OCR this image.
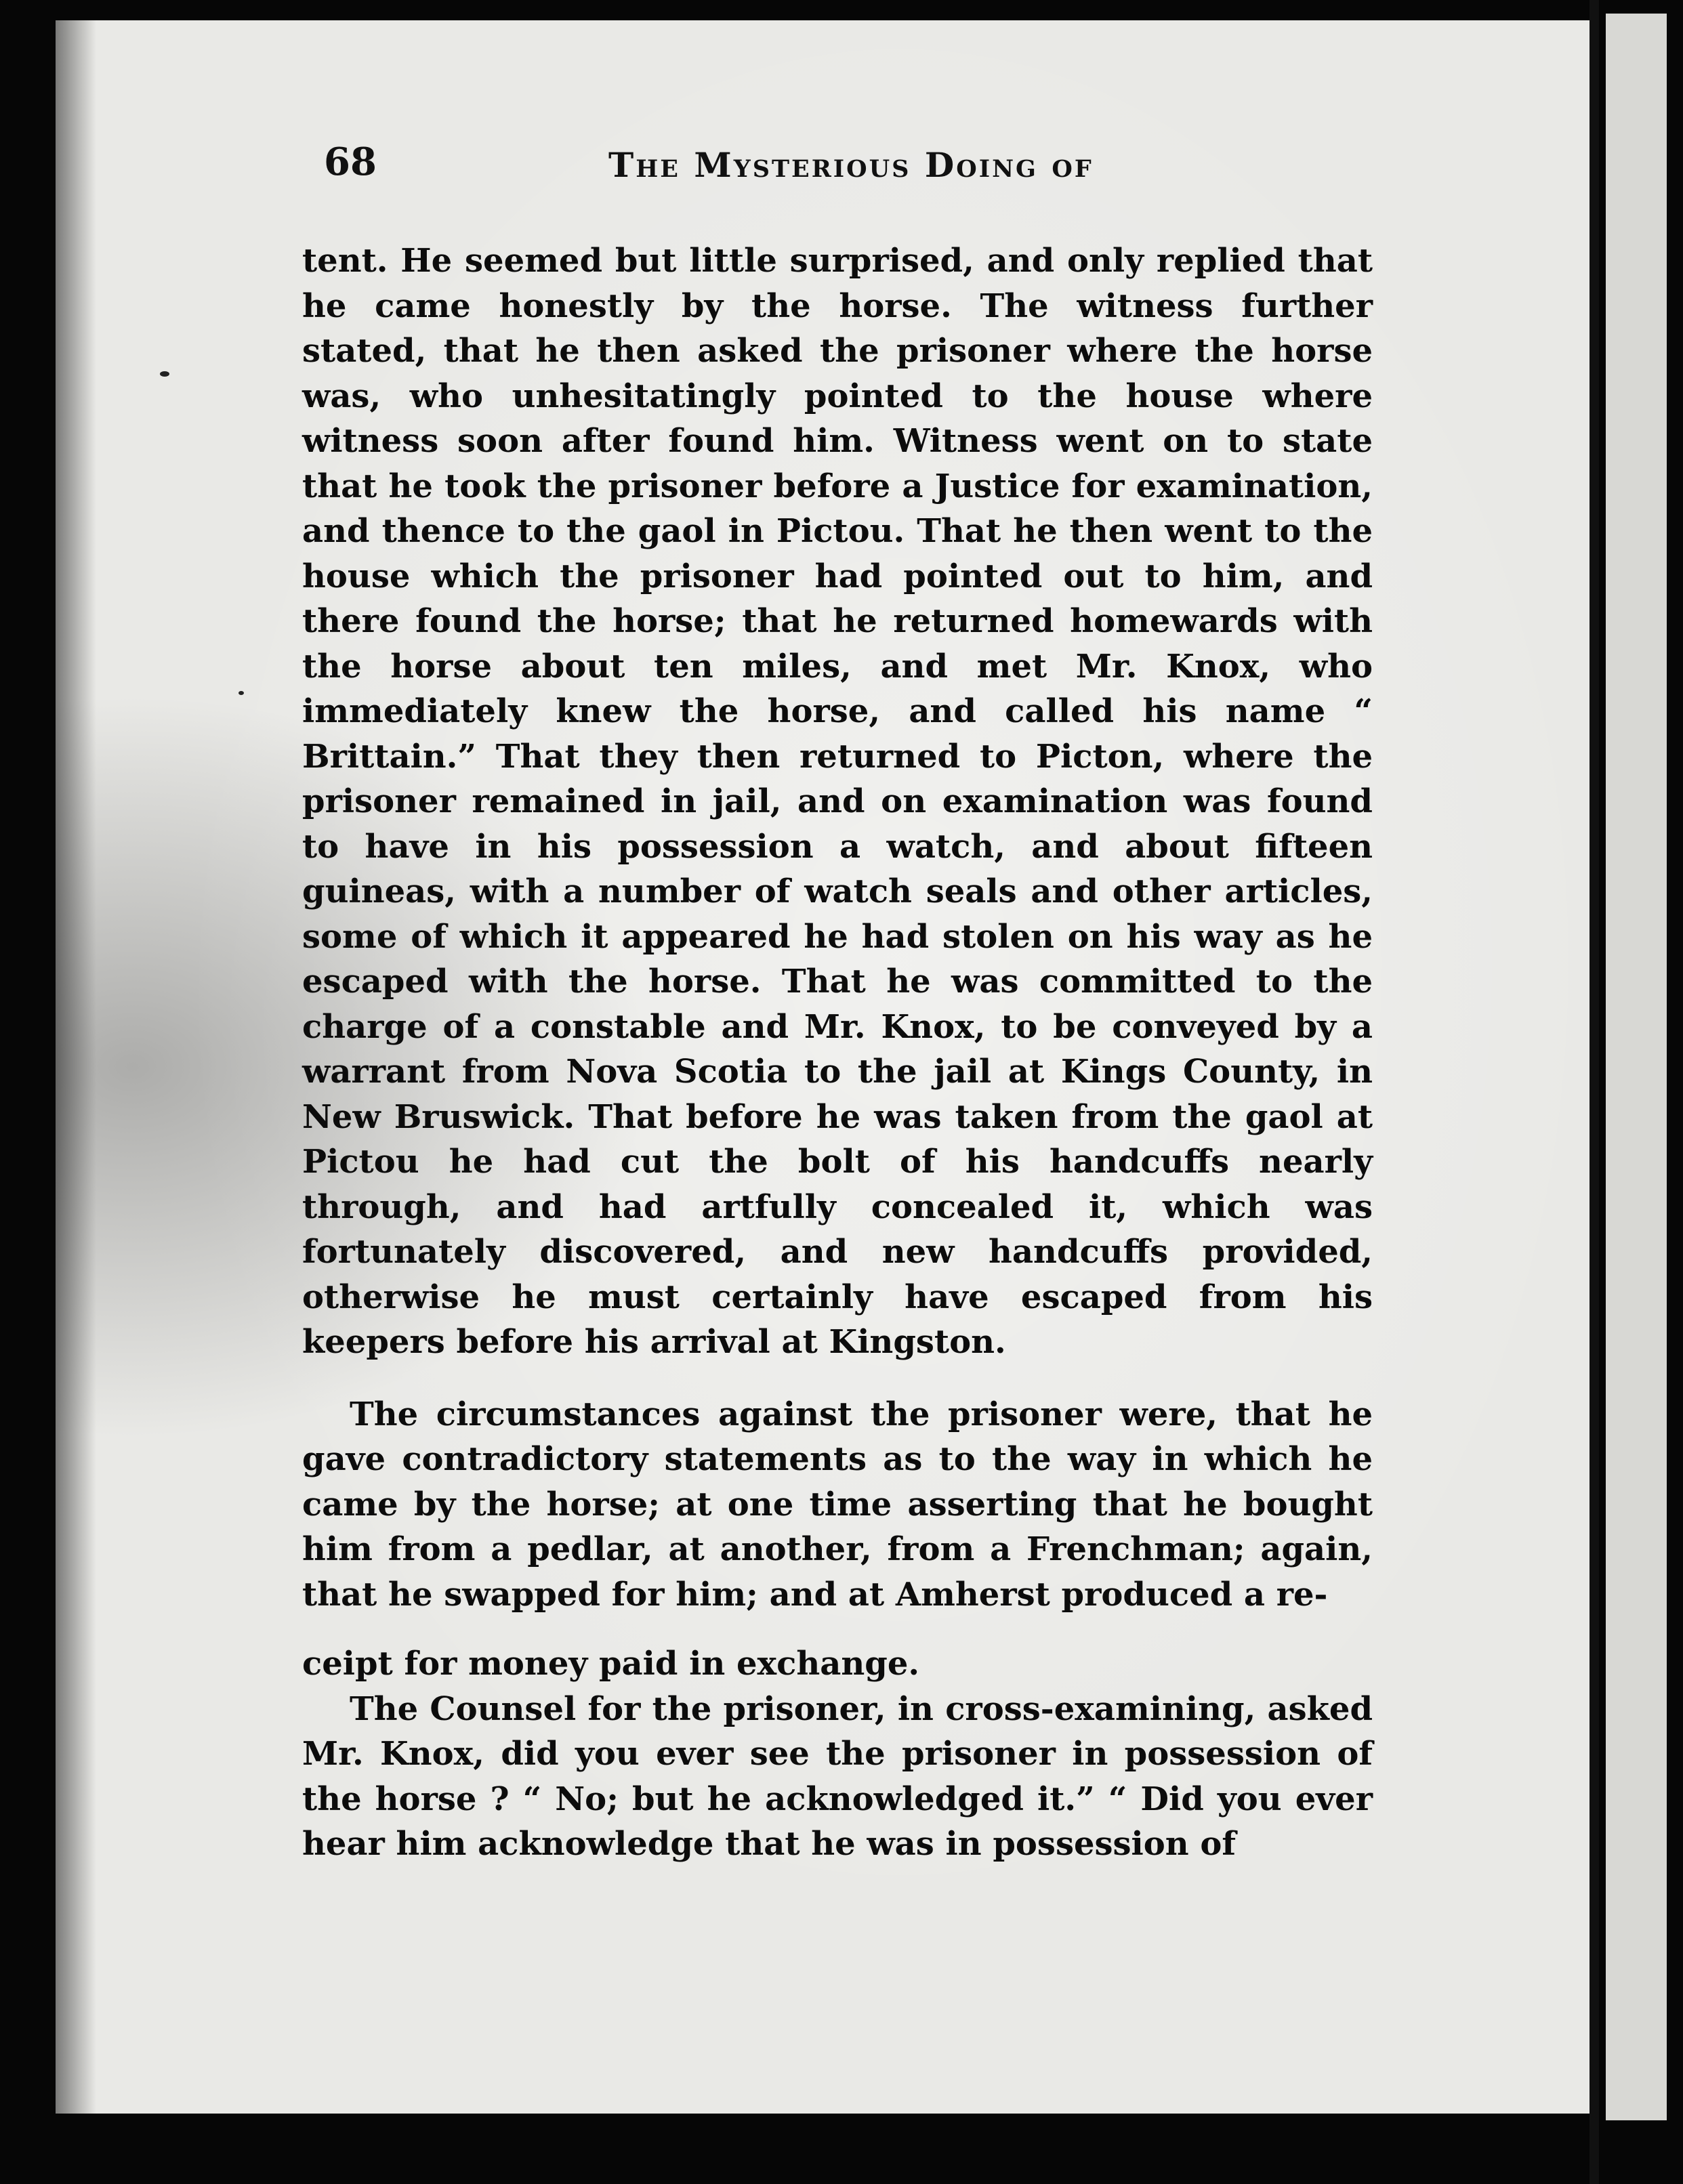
68	The Mysterious Doing of

tent. He seemed but little surprised, and only replied that he came honestly by the horse. The witness further stated, that he then asked the prisoner where the horse was, who unhesitatingly pointed to the house where witness soon after found him. Witness went on to state that he took the prisoner before a Justice for examination, and thence to the gaol in Pictou. That he then went to the house which the prisoner had pointed out to him, and there found the horse; that he returned homewards with the horse about ten miles, and met Mr. Knox, who immediately knew the horse, and called his name “ Brittain.” That they then returned to Picton, where the prisoner remained in jail, and on examination was found to have in his possession a watch, and about fifteen guineas, with a number of watch seals and other articles, some of which it appeared he had stolen on his way as he escaped with the horse. That he was committed to the charge of a constable and Mr. Knox, to be conveyed by a warrant from Nova Scotia to the jail at Kings County, in New Bruswick. That before he was taken from the gaol at Pictou he had cut the bolt of his handcuffs nearly through, and had artfully concealed it, which was fortunately discovered, and new handcuffs provided, otherwise he must certainly have escaped from his keepers before his arrival at Kingston.

The circumstances against the prisoner were, that he gave contradictory statements as to the way in which he came by the horse; at one time asserting that he bought him from a pedlar, at another, from a Frenchman; again, that he swapped for him; and at Amherst produced a re-

ceipt for money paid in exchange.

The Counsel for the prisoner, in cross-examining, asked Mr. Knox, did you ever see the prisoner in possession of the horse ? “ No; but he acknowledged it.” “ Did you ever hear him acknowledge that he was in possession of
